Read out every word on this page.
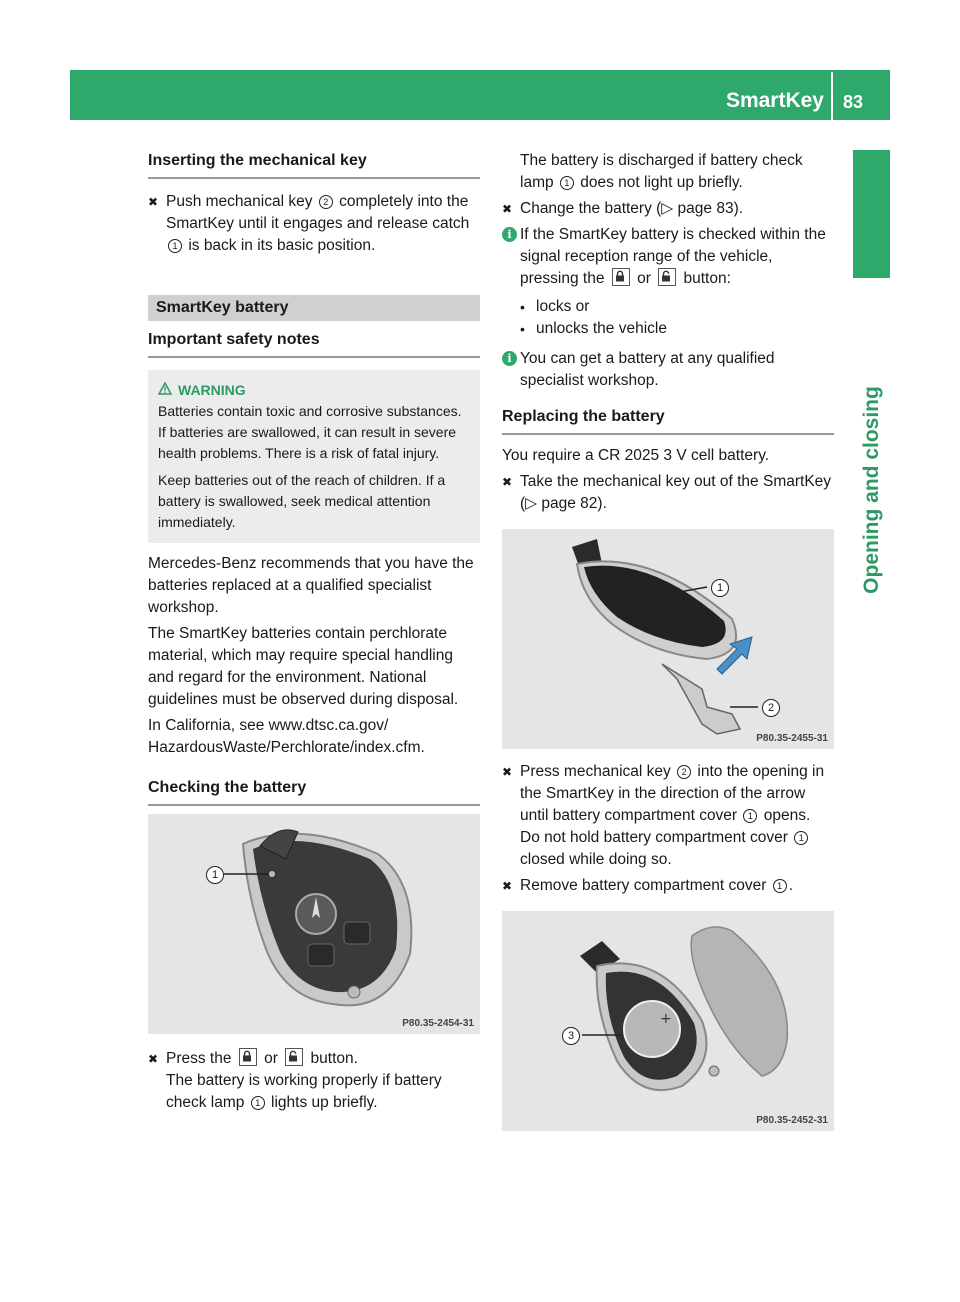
SmartKey 83
Opening and closing
Inserting the mechanical key
✖ Push mechanical key 2 completely into the SmartKey until it engages and release catch 1 is back in its basic position.
SmartKey battery
Important safety notes
WARNING

Batteries contain toxic and corrosive substances. If batteries are swallowed, it can result in severe health problems. There is a risk of fatal injury.

Keep batteries out of the reach of children. If a battery is swallowed, seek medical attention immediately.

Mercedes-Benz recommends that you have the batteries replaced at a qualified specialist workshop.

The SmartKey batteries contain perchlorate material, which may require special handling and regard for the environment. National guidelines must be observed during disposal.

In California, see www.dtsc.ca.gov/ HazardousWaste/Perchlorate/index.cfm.

Checking the battery
1
P80.35-2454-31
✖ Press the or button.
The battery is working properly if battery check lamp 1 lights up briefly.
The battery is discharged if battery check lamp 1 does not light up briefly.
✖ Change the battery (▷ page 83).
i If the SmartKey battery is checked within the signal reception range of the vehicle, pressing the or button:
• locks or
• unlocks the vehicle
i You can get a battery at any qualified specialist workshop.
Replacing the battery

You require a CR 2025 3 V cell battery.

✖ Take the mechanical key out of the SmartKey (▷ page 82).
1
2
P80.35-2455-31
✖ Press mechanical key 2 into the opening in the SmartKey in the direction of the arrow until battery compartment cover 1 opens. Do not hold battery compartment cover 1 closed while doing so.
✖ Remove battery compartment cover 1 .
+
3
P80.35-2452-31
